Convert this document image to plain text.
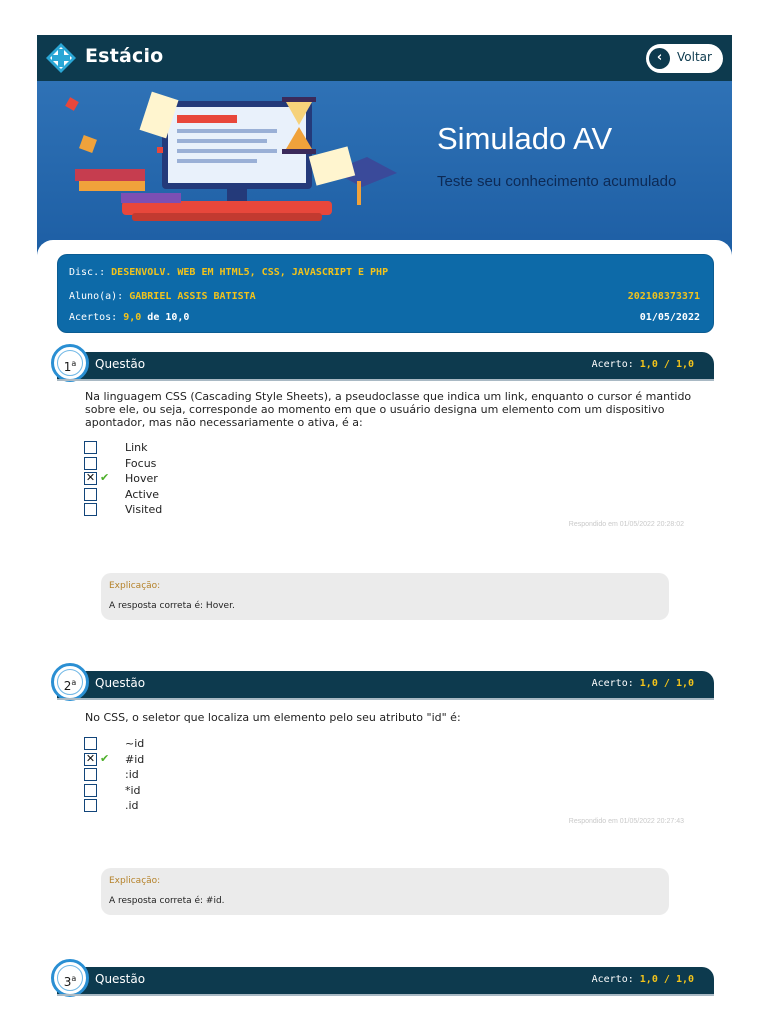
Estácio	‹	Voltar
Simulado AV
Teste seu conhecimento acumulado
Disc.: DESENVOLV. WEB EM HTML5, CSS, JAVASCRIPT E PHP
Aluno(a): GABRIEL ASSIS BATISTA	202108373371
Acertos: 9,0 de 10,0	01/05/2022
1$^a$	Questão	Acerto: 1,0 / 1,0
Na linguagem CSS (Cascading Style Sheets), a pseudoclasse que indica um link, enquanto o cursor é mantido sobre ele, ou seja, corresponde ao momento em que o usuário designa um elemento com um dispositivo apontador, mas não necessariamente o ativa, é a:
Link
Focus
✕ ✔ Hover
Active
Visited
Respondido em 01/05/2022 20:28:02
Explicação:
A resposta correta é: Hover.
2$^a$	Questão	Acerto: 1,0 / 1,0
No CSS, o seletor que localiza um elemento pelo seu atributo "id" é:
~id
✕ ✔ #id
:id
*id
.id
Respondido em 01/05/2022 20:27:43
Explicação:
A resposta correta é: #id.
3$^a$	Questão	Acerto: 1,0 / 1,0
